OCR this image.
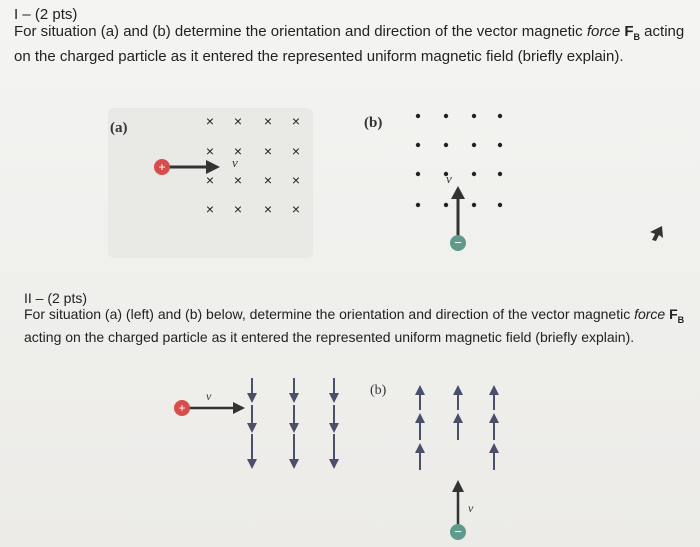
I – (2 pts)

For situation (a) and (b) determine the orientation and direction of the vector magnetic force $F_B$ acting on the charged particle as it entered the represented uniform magnetic field (briefly explain).

(a)	× × × ×
× × × ×
× × × ×
× × × ×
v⃗
+
(b)
v⃗
−
II – (2 pts)

For situation (a) (left) and (b) below, determine the orientation and direction of the vector magnetic force $F_B$ acting on the charged particle as it entered the represented uniform magnetic field (briefly explain).

v⃗
+
(b)
v⃗
−
